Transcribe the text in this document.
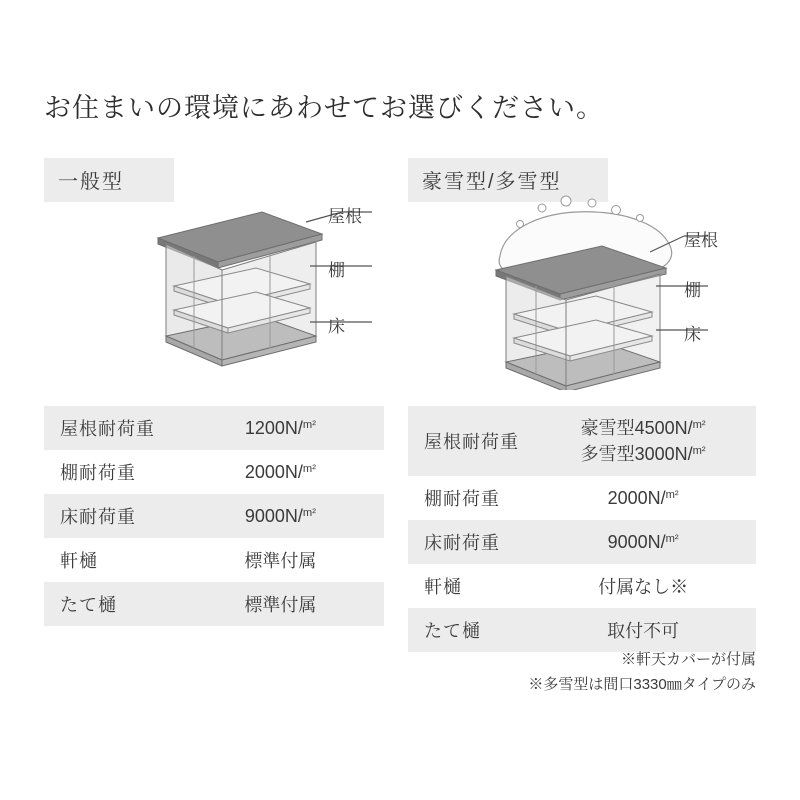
お住まいの環境にあわせてお選びください。
一般型
屋根
棚
床
屋根耐荷重	1200N/$^{m^2}$
棚耐荷重	2000N/$^{m^2}$
床耐荷重	9000N/$^{m^2}$
軒樋	標準付属
たて樋	標準付属
豪雪型/多雪型
屋根
棚
床
屋根耐荷重	豪雪型4500N/$^{m^2}$
多雪型3000N/$^{m^2}$

棚耐荷重	2000N/$^{m^2}$
床耐荷重	9000N/$^{m^2}$
軒樋	付属なし※
たて樋	取付不可
※軒天カバーが付属
※多雪型は間口3330㎜タイプのみ
